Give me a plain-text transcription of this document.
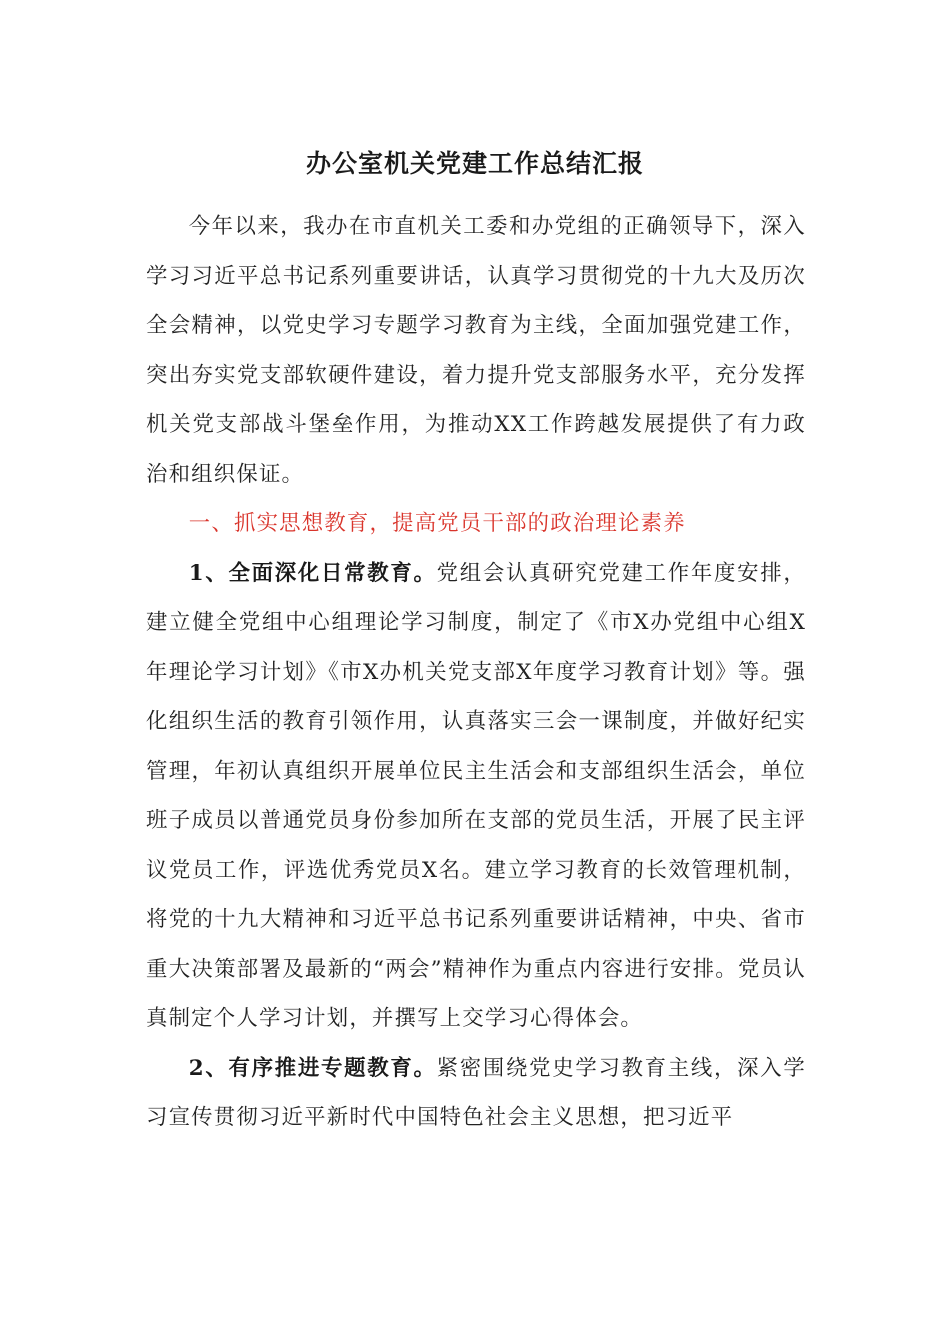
办公室机关党建工作总结汇报

今年以来，我办在市直机关工委和办党组的正确领导下，深入学习习近平总书记系列重要讲话，认真学习贯彻党的十九大及历次全会精神，以党史学习专题学习教育为主线，全面加强党建工作，突出夯实党支部软硬件建设，着力提升党支部服务水平，充分发挥机关党支部战斗堡垒作用，为推动XX工作跨越发展提供了有力政治和组织保证。

一、抓实思想教育，提高党员干部的政治理论素养

1、全面深化日常教育。党组会认真研究党建工作年度安排，建立健全党组中心组理论学习制度，制定了《市X办党组中心组X年理论学习计划》《市X办机关党支部X年度学习教育计划》等。强化组织生活的教育引领作用，认真落实三会一课制度，并做好纪实管理，年初认真组织开展单位民主生活会和支部组织生活会，单位班子成员以普通党员身份参加所在支部的党员生活，开展了民主评议党员工作，评选优秀党员X名。建立学习教育的长效管理机制，将党的十九大精神和习近平总书记系列重要讲话精神，中央、省市重大决策部署及最新的“两会”精神作为重点内容进行安排。党员认真制定个人学习计划，并撰写上交学习心得体会。

2、有序推进专题教育。紧密围绕党史学习教育主线，深入学习宣传贯彻习近平新时代中国特色社会主义思想，把习近平
